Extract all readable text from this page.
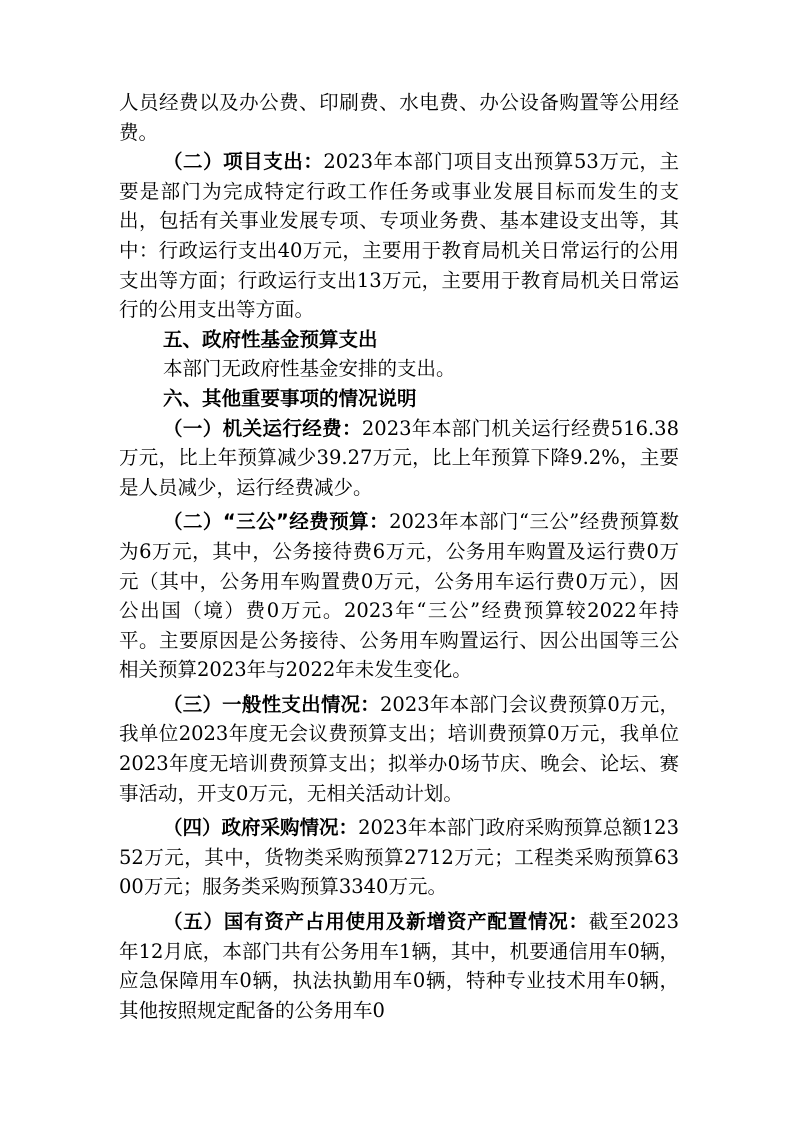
人员经费以及办公费、印刷费、水电费、办公设备购置等公用经费。

（二）项目支出：2023年本部门项目支出预算53万元，主要是部门为完成特定行政工作任务或事业发展目标而发生的支出，包括有关事业发展专项、专项业务费、基本建设支出等，其中：行政运行支出40万元，主要用于教育局机关日常运行的公用支出等方面；行政运行支出13万元，主要用于教育局机关日常运行的公用支出等方面。

五、政府性基金预算支出

本部门无政府性基金安排的支出。

六、其他重要事项的情况说明

（一）机关运行经费：2023年本部门机关运行经费516.38万元，比上年预算减少39.27万元，比上年预算下降9.2%，主要是人员减少，运行经费减少。

（二）“三公”经费预算：2023年本部门“三公”经费预算数为6万元，其中，公务接待费6万元，公务用车购置及运行费0万元（其中，公务用车购置费0万元，公务用车运行费0万元），因公出国（境）费0万元。2023年“三公”经费预算较2022年持平。主要原因是公务接待、公务用车购置运行、因公出国等三公相关预算2023年与2022年未发生变化。

（三）一般性支出情况：2023年本部门会议费预算0万元，我单位2023年度无会议费预算支出；培训费预算0万元，我单位2023年度无培训费预算支出；拟举办0场节庆、晚会、论坛、赛事活动，开支0万元，无相关活动计划。

（四）政府采购情况：2023年本部门政府采购预算总额12352万元，其中，货物类采购预算2712万元；工程类采购预算6300万元；服务类采购预算3340万元。

（五）国有资产占用使用及新增资产配置情况：截至2023年12月底，本部门共有公务用车1辆，其中，机要通信用车0辆，应急保障用车0辆，执法执勤用车0辆，特种专业技术用车0辆，其他按照规定配备的公务用车0
